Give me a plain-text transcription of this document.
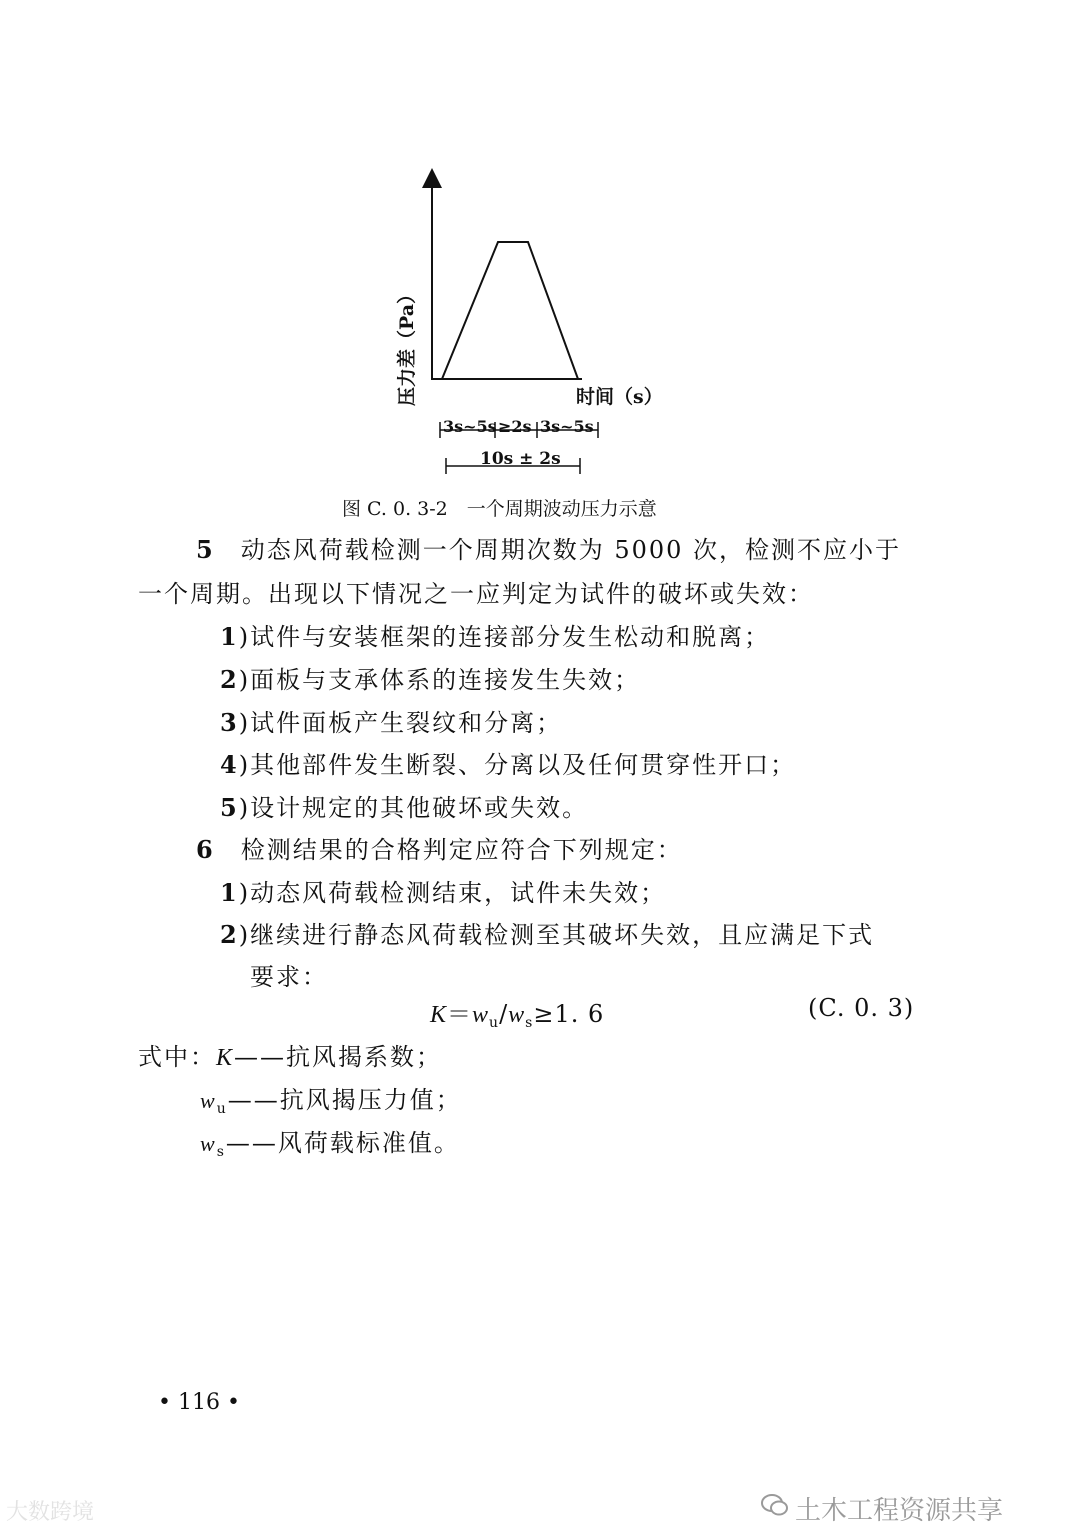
压力差（Pa）	时间（s）
3s~5s ≥2s 3s~5s
10s ± 2s
图 C. 0. 3-2　一个周期波动压力示意
5 动态风荷载检测一个周期次数为 5000 次，检测不应小于
一个周期。出现以下情况之一应判定为试件的破坏或失效：
1)试件与安装框架的连接部分发生松动和脱离；
2)面板与支承体系的连接发生失效；
3)试件面板产生裂纹和分离；
4)其他部件发生断裂、分离以及任何贯穿性开口；
5)设计规定的其他破坏或失效。
6 检测结果的合格判定应符合下列规定：
1)动态风荷载检测结束，试件未失效；
2)继续进行静态风荷载检测至其破坏失效，且应满足下式
要求：
$K=w_u/w_s\ge 1$. 6	(C. 0. 3)
式中：K——抗风揭系数；
$w_u——$抗风揭压力值；
$w_s——$风荷载标准值。
• 116 •
大数跨境	土木工程资源共享
